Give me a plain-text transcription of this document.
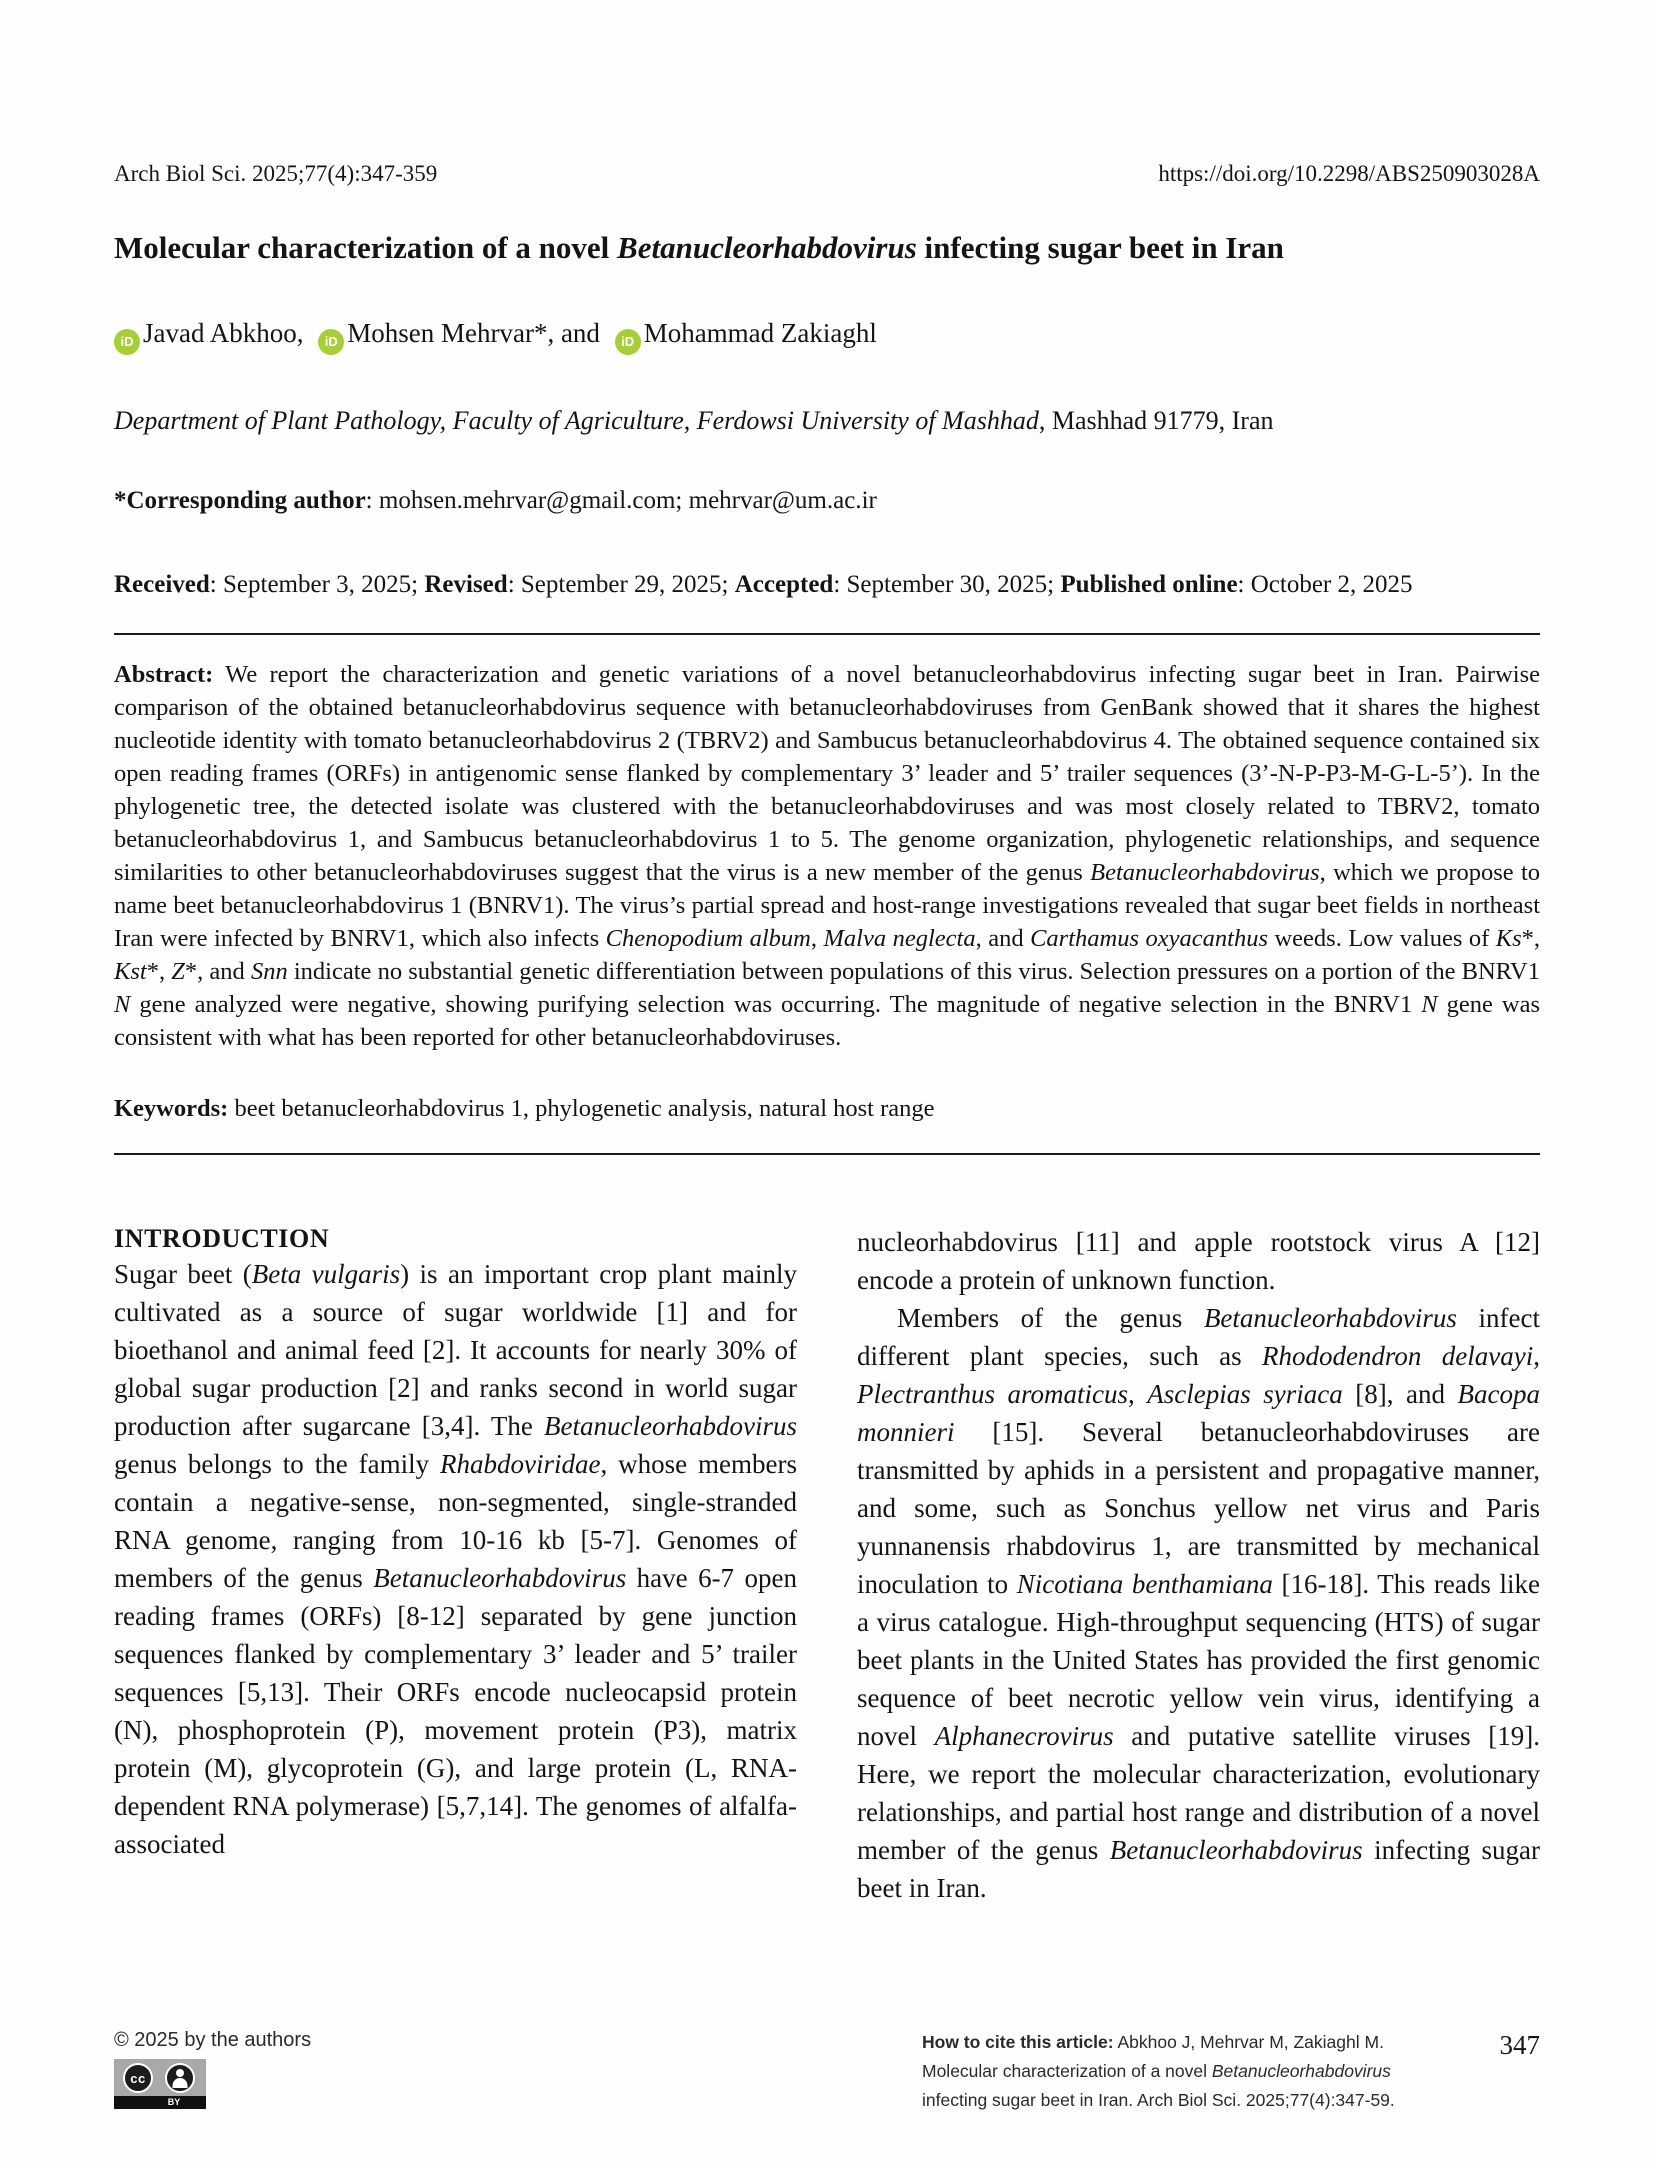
Arch Biol Sci. 2025;77(4):347-359	https://doi.org/10.2298/ABS250903028A
Molecular characterization of a novel Betanucleorhabdovirus infecting sugar beet in Iran
iD Javad Abkhoo, iD Mohsen Mehrvar*, and iD Mohammad Zakiaghl
Department of Plant Pathology, Faculty of Agriculture, Ferdowsi University of Mashhad, Mashhad 91779, Iran
*Corresponding author: mohsen.mehrvar@gmail.com; mehrvar@um.ac.ir
Received: September 3, 2025; Revised: September 29, 2025; Accepted: September 30, 2025; Published online: October 2, 2025

Abstract: We report the characterization and genetic variations of a novel betanucleorhabdovirus infecting sugar beet in Iran. Pairwise comparison of the obtained betanucleorhabdovirus sequence with betanucleorhabdoviruses from GenBank showed that it shares the highest nucleotide identity with tomato betanucleorhabdovirus 2 (TBRV2) and Sambucus betanucleorhabdovirus 4. The obtained sequence contained six open reading frames (ORFs) in antigenomic sense flanked by complementary 3’ leader and 5’ trailer sequences (3’-N-P-P3-M-G-L-5’). In the phylogenetic tree, the detected isolate was clustered with the betanucleorhabdoviruses and was most closely related to TBRV2, tomato betanucleorhabdovirus 1, and Sambucus betanucleorhabdovirus 1 to 5. The genome organization, phylogenetic relationships, and sequence similarities to other betanucleorhabdoviruses suggest that the virus is a new member of the genus Betanucleorhabdovirus, which we propose to name beet betanucleorhabdovirus 1 (BNRV1). The virus’s partial spread and host-range investigations revealed that sugar beet fields in northeast Iran were infected by BNRV1, which also infects Chenopodium album, Malva neglecta, and Carthamus oxyacanthus weeds. Low values of Ks*, Kst*, Z*, and Snn indicate no substantial genetic differentiation between populations of this virus. Selection pressures on a portion of the BNRV1 N gene analyzed were negative, showing purifying selection was occurring. The magnitude of negative selection in the BNRV1 N gene was consistent with what has been reported for other betanucleorhabdoviruses.

Keywords: beet betanucleorhabdovirus 1, phylogenetic analysis, natural host range
INTRODUCTION

Sugar beet (Beta vulgaris) is an important crop plant mainly cultivated as a source of sugar worldwide [1] and for bioethanol and animal feed [2]. It accounts for nearly 30% of global sugar production [2] and ranks second in world sugar production after sugarcane [3,4]. The Betanucleorhabdovirus genus belongs to the family Rhabdoviridae, whose members contain a negative-sense, non-segmented, single-stranded RNA genome, ranging from 10-16 kb [5-7]. Genomes of members of the genus Betanucleorhabdovirus have 6-7 open reading frames (ORFs) [8-12] separated by gene junction sequences flanked by complementary 3’ leader and 5’ trailer sequences [5,13]. Their ORFs encode nucleocapsid protein (N), phosphoprotein (P), movement protein (P3), matrix protein (M), glycoprotein (G), and large protein (L, RNA-dependent RNA polymerase) [5,7,14]. The genomes of alfalfa-associated

nucleorhabdovirus [11] and apple rootstock virus A [12] encode a protein of unknown function.

Members of the genus Betanucleorhabdovirus infect different plant species, such as Rhododendron delavayi, Plectranthus aromaticus, Asclepias syriaca [8], and Bacopa monnieri [15]. Several betanucleorhabdoviruses are transmitted by aphids in a persistent and propagative manner, and some, such as Sonchus yellow net virus and Paris yunnanensis rhabdovirus 1, are transmitted by mechanical inoculation to Nicotiana benthamiana [16-18]. This reads like a virus catalogue. High-throughput sequencing (HTS) of sugar beet plants in the United States has provided the first genomic sequence of beet necrotic yellow vein virus, identifying a novel Alphanecrovirus and putative satellite viruses [19]. Here, we report the molecular characterization, evolutionary relationships, and partial host range and distribution of a novel member of the genus Betanucleorhabdovirus infecting sugar beet in Iran.

© 2025 by the authors
cc
BY
How to cite this article: Abkhoo J, Mehrvar M, Zakiaghl M. Molecular characterization of a novel Betanucleorhabdovirus infecting sugar beet in Iran. Arch Biol Sci. 2025;77(4):347-59.
347
